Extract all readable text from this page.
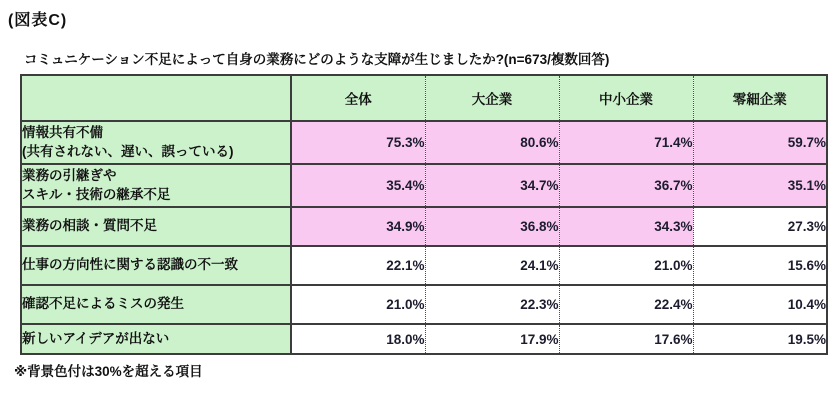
(図表C)
コミュニケーション不足によって自身の業務にどのような支障が生じましたか?(n=673/複数回答)
	全体	大企業	中小企業	零細企業
情報共有不備
(共有されない、遅い、誤っている)	75.3%	80.6%	71.4%	59.7%
業務の引継ぎや
スキル・技術の継承不足	35.4%	34.7%	36.7%	35.1%
業務の相談・質問不足	34.9%	36.8%	34.3%	27.3%
仕事の方向性に関する認識の不一致	22.1%	24.1%	21.0%	15.6%
確認不足によるミスの発生	21.0%	22.3%	22.4%	10.4%
新しいアイデアが出ない	18.0%	17.9%	17.6%	19.5%
※背景色付は30%を超える項目
